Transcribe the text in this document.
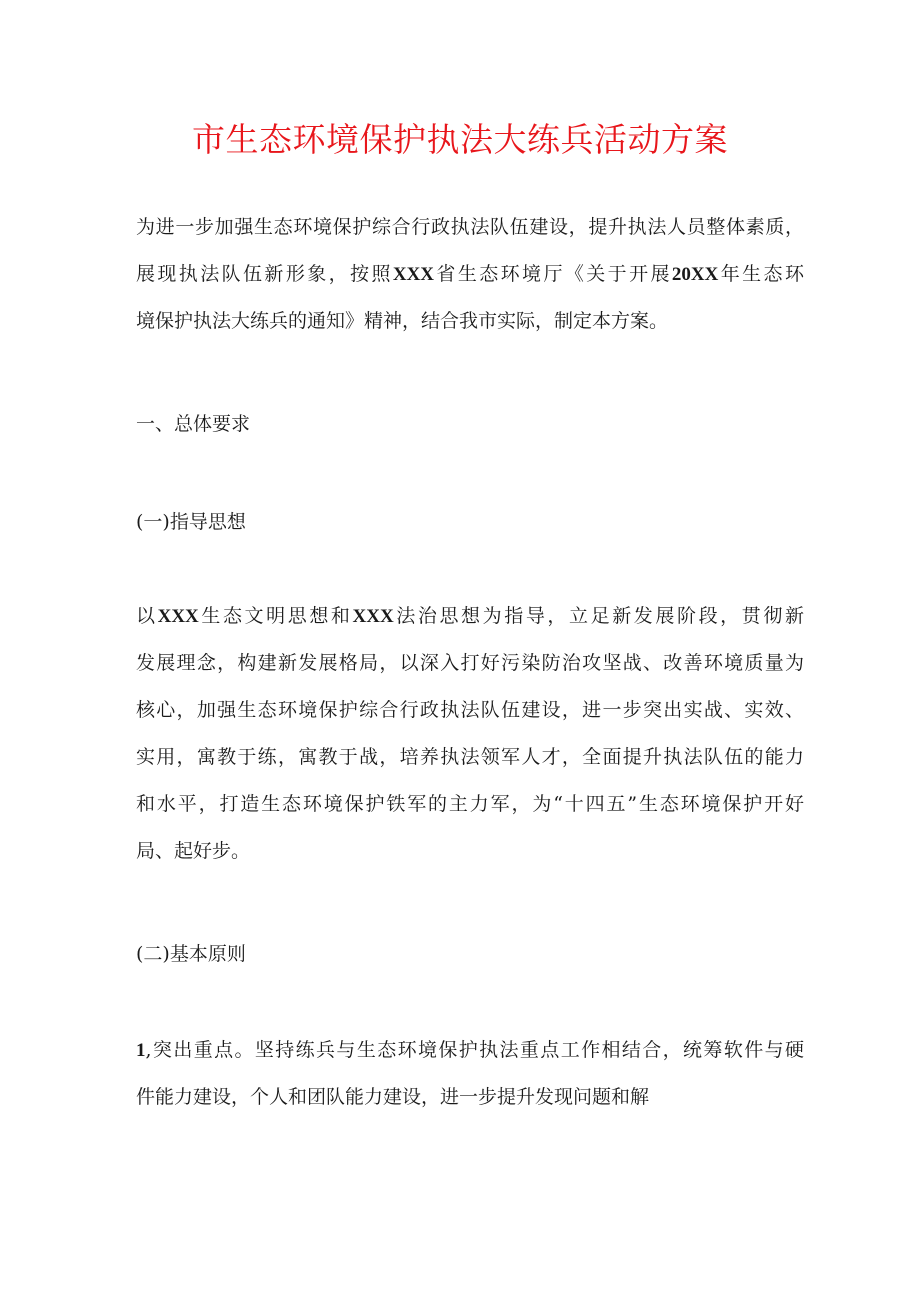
市生态环境保护执法大练兵活动方案
为进一步加强生态环境保护综合行政执法队伍建设，提升执法人员整体素质，
展现执法队伍新形象，按照XXX省生态环境厅《关于开展20XX年生态环
境保护执法大练兵的通知》精神，结合我市实际，制定本方案。
一、总体要求
(一)指导思想
以XXX生态文明思想和XXX法治思想为指导，立足新发展阶段，贯彻新
发展理念，构建新发展格局，以深入打好污染防治攻坚战、改善环境质量为
核心，加强生态环境保护综合行政执法队伍建设，进一步突出实战、实效、
实用，寓教于练，寓教于战，培养执法领军人才，全面提升执法队伍的能力
和水平，打造生态环境保护铁军的主力军，为“十四五”生态环境保护开好
局、起好步。
(二)基本原则
1,突出重点。坚持练兵与生态环境保护执法重点工作相结合，统筹软件与硬
件能力建设，个人和团队能力建设，进一步提升发现问题和解
